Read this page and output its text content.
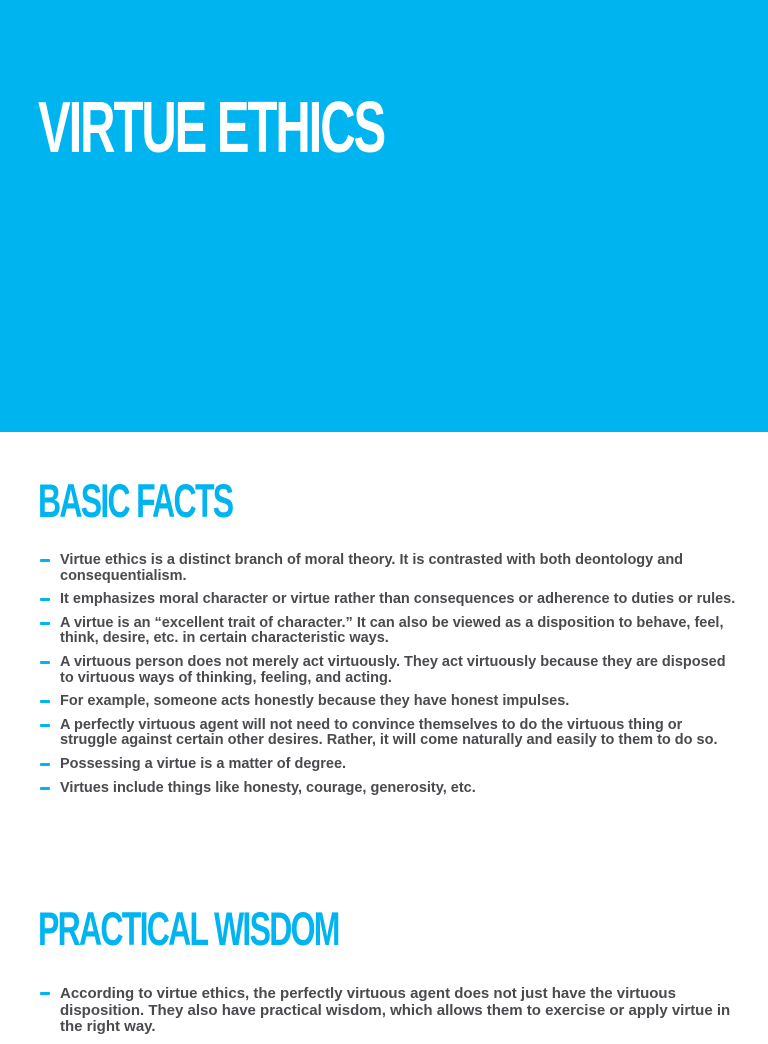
VIRTUE ETHICS
BASIC FACTS
Virtue ethics is a distinct branch of moral theory. It is contrasted with both deontology and consequentialism.
It emphasizes moral character or virtue rather than consequences or adherence to duties or rules.
A virtue is an “excellent trait of character.” It can also be viewed as a disposition to behave, feel, think, desire, etc. in certain characteristic ways.
A virtuous person does not merely act virtuously. They act virtuously because they are disposed to virtuous ways of thinking, feeling, and acting.
For example, someone acts honestly because they have honest impulses.
A perfectly virtuous agent will not need to convince themselves to do the virtuous thing or struggle against certain other desires. Rather, it will come naturally and easily to them to do so.
Possessing a virtue is a matter of degree.
Virtues include things like honesty, courage, generosity, etc.
PRACTICAL WISDOM
According to virtue ethics, the perfectly virtuous agent does not just have the virtuous disposition. They also have practical wisdom, which allows them to exercise or apply virtue in the right way.
